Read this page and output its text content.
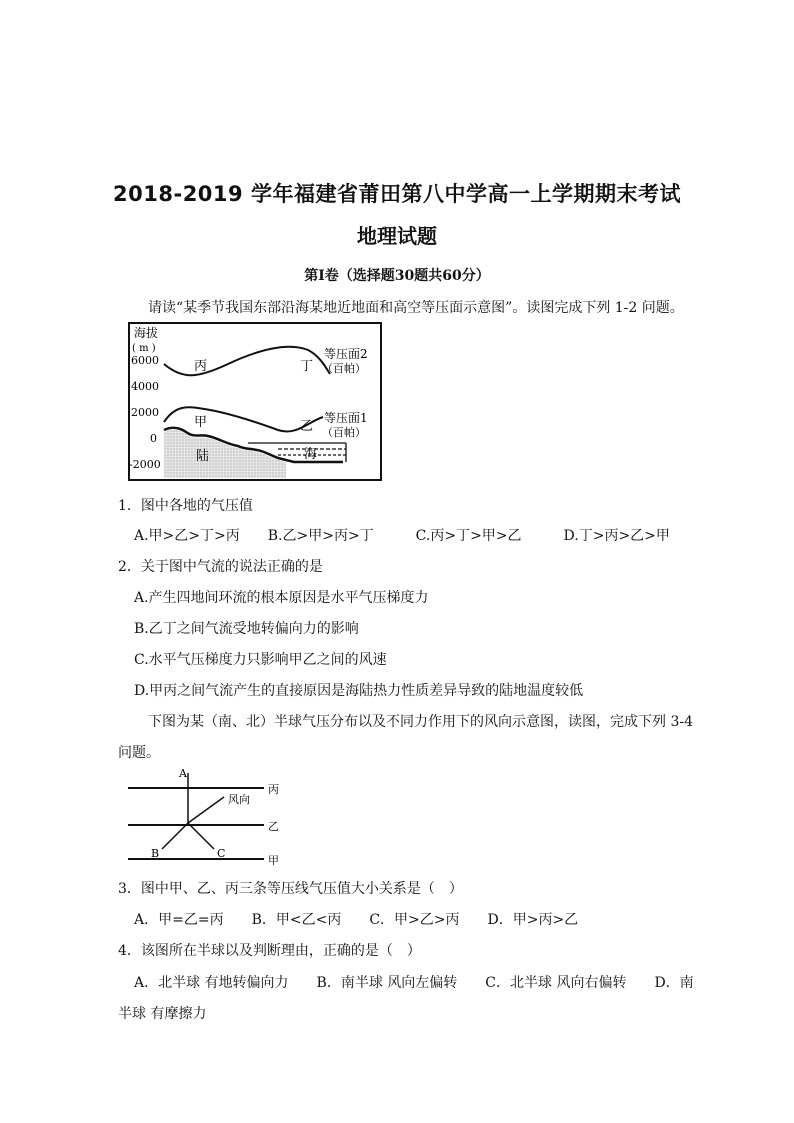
2018-2019 学年福建省莆田第八中学高一上学期期末考试
地理试题
第Ⅰ卷（选择题30题共60分）
请读“某季节我国东部沿海某地近地面和高空等压面示意图”。读图完成下列 1-2 问题。
海拔
( m )
6000
4000
2000
0
-2000
丙	丁
甲	乙
陆	海
等压面2
（百帕）
等压面1
（百帕）
1．图中各地的气压值
A.甲>乙>丁>丙　　B.乙>甲>丙>丁　　　C.丙>丁>甲>乙　　　D.丁>丙>乙>甲
2．关于图中气流的说法正确的是
A.产生四地间环流的根本原因是水平气压梯度力
B.乙丁之间气流受地转偏向力的影响
C.水平气压梯度力只影响甲乙之间的风速
D.甲丙之间气流产生的直接原因是海陆热力性质差异导致的陆地温度较低
下图为某（南、北）半球气压分布以及不同力作用下的风向示意图，读图，完成下列 3-4
问题。
A
B	C
风向
丙
乙
甲
3．图中甲、乙、丙三条等压线气压值大小关系是（　）
A．甲=乙=丙　　B．甲<乙<丙　　C．甲>乙>丙　　D．甲>丙>乙
4．该图所在半球以及判断理由，正确的是（　）
A．北半球 有地转偏向力　　B．南半球 风向左偏转　　C．北半球 风向右偏转　　D．南
半球 有摩擦力
